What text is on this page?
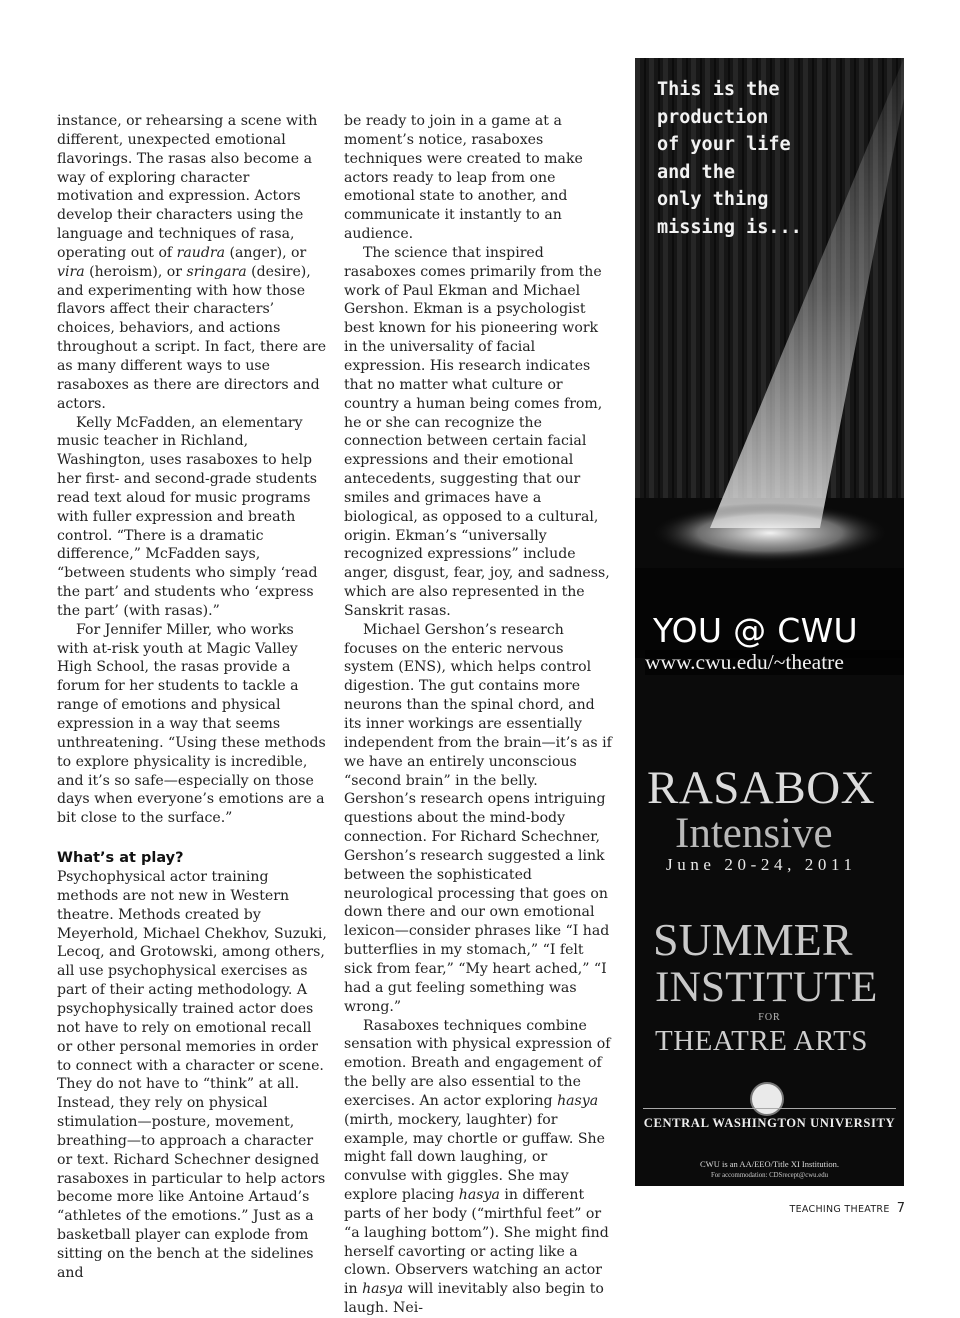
instance, or rehearsing a scene with different, unexpected emotional flavorings. The rasas also become a way of exploring character motivation and expression. Actors develop their characters using the language and techniques of rasa, operating out of raudra (anger), or vira (heroism), or sringara (desire), and experimenting with how those flavors affect their characters’ choices, behaviors, and actions throughout a script. In fact, there are as many different ways to use rasaboxes as there are directors and actors.

Kelly McFadden, an elementary music teacher in Richland, Washington, uses rasaboxes to help her first- and second-grade students read text aloud for music programs with fuller expression and breath control. “There is a dramatic difference,” McFadden says, “between students who simply ‘read the part’ and students who ‘express the part’ (with rasas).”

For Jennifer Miller, who works with at-risk youth at Magic Valley High School, the rasas provide a forum for her students to tackle a range of emotions and physical expression in a way that seems unthreatening. “Using these methods to explore physicality is incredible, and it’s so safe—especially on those days when everyone’s emotions are a bit close to the surface.”

What’s at play?

Psychophysical actor training methods are not new in Western theatre. Methods created by Meyerhold, Michael Chekhov, Suzuki, Lecoq, and Grotowski, among others, all use psychophysical exercises as part of their acting methodology. A psychophysically trained actor does not have to rely on emotional recall or other personal memories in order to connect with a character or scene. They do not have to “think” at all. Instead, they rely on physical stimulation—posture, movement, breathing—to approach a character or text. Richard Schechner designed rasaboxes in particular to help actors become more like Antoine Artaud’s “athletes of the emotions.” Just as a basketball player can explode from sitting on the bench at the sidelines and

be ready to join in a game at a moment’s notice, rasaboxes techniques were created to make actors ready to leap from one emotional state to another, and communicate it instantly to an audience.

The science that inspired rasaboxes comes primarily from the work of Paul Ekman and Michael Gershon. Ekman is a psychologist best known for his pioneering work in the universality of facial expression. His research indicates that no matter what culture or country a human being comes from, he or she can recognize the connection between certain facial expressions and their emotional antecedents, suggesting that our smiles and grimaces have a biological, as opposed to a cultural, origin. Ekman’s “universally recognized expressions” include anger, disgust, fear, joy, and sadness, which are also represented in the Sanskrit rasas.

Michael Gershon’s research focuses on the enteric nervous system (ENS), which helps control digestion. The gut contains more neurons than the spinal chord, and its inner workings are essentially independent from the brain—it’s as if we have an entirely unconscious “second brain” in the belly. Gershon’s research opens intriguing questions about the mind-body connection. For Richard Schechner, Gershon’s research suggested a link between the sophisticated neurological processing that goes on down there and our own emotional lexicon—consider phrases like “I had butterflies in my stomach,” “I felt sick from fear,” “My heart ached,” “I had a gut feeling something was wrong.”

Rasaboxes techniques combine sensation with physical expression of emotion. Breath and engagement of the belly are also essential to the exercises. An actor exploring hasya (mirth, mockery, laughter) for example, may chortle or guffaw. She might fall down laughing, or convulse with giggles. She may explore placing hasya in different parts of her body (“mirthful feet” or “a laughing bottom”). She might find herself cavorting or acting like a clown. Observers watching an actor in hasya will inevitably also begin to laugh. Nei-

This is the
production
of your life
and the
only thing
missing is...
YOU @ CWU
www.cwu.edu/~theatre
RASABOX
Intensive
June 20-24, 2011
SUMMER
INSTITUTE
FOR
THEATRE ARTS
CENTRAL WASHINGTON UNIVERSITY
CWU is an AA/EEO/Title XI Institution.
For accommodation: CDSrecept@cwu.edu
TEACHING THEATRE 7
